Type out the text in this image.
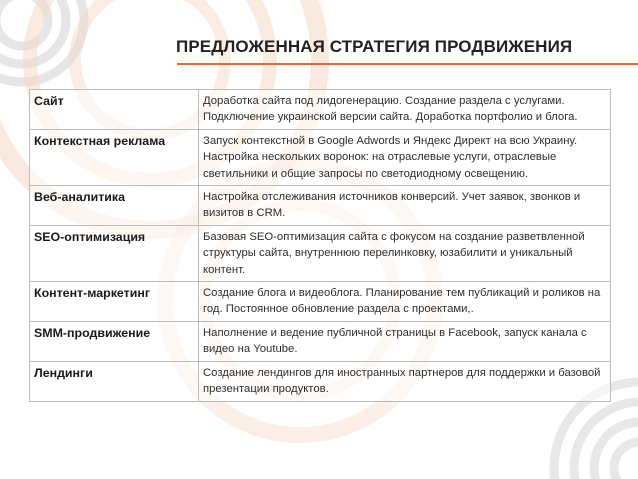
ПРЕДЛОЖЕННАЯ СТРАТЕГИЯ ПРОДВИЖЕНИЯ
Сайт	Доработка сайта под лидогенерацию. Создание раздела с услугами. Подключение украинской версии сайта. Доработка портфолио и блога.
Контекстная реклама	Запуск контекстной в Google Adwords и Яндекс Директ на всю Украину. Настройка нескольких воронок: на отраслевые услуги, отраслевые светильники и общие запросы по светодиодному освещению.
Веб-аналитика	Настройка отслеживания источников конверсий. Учет заявок, звонков и визитов в CRM.
SEO-оптимизация	Базовая SEO-оптимизация сайта с фокусом на создание разветвленной структуры сайта, внутреннюю перелинковку, юзабилити и уникальный контент.
Контент-маркетинг	Создание блога и видеоблога. Планирование тем публикаций и роликов на год. Постоянное обновление раздела с проектами,.
SMM-продвижение	Наполнение и ведение публичной страницы в Facebook, запуск канала с видео на Youtube.
Лендинги	Создание лендингов для иностранных партнеров для поддержки и базовой презентации продуктов.
